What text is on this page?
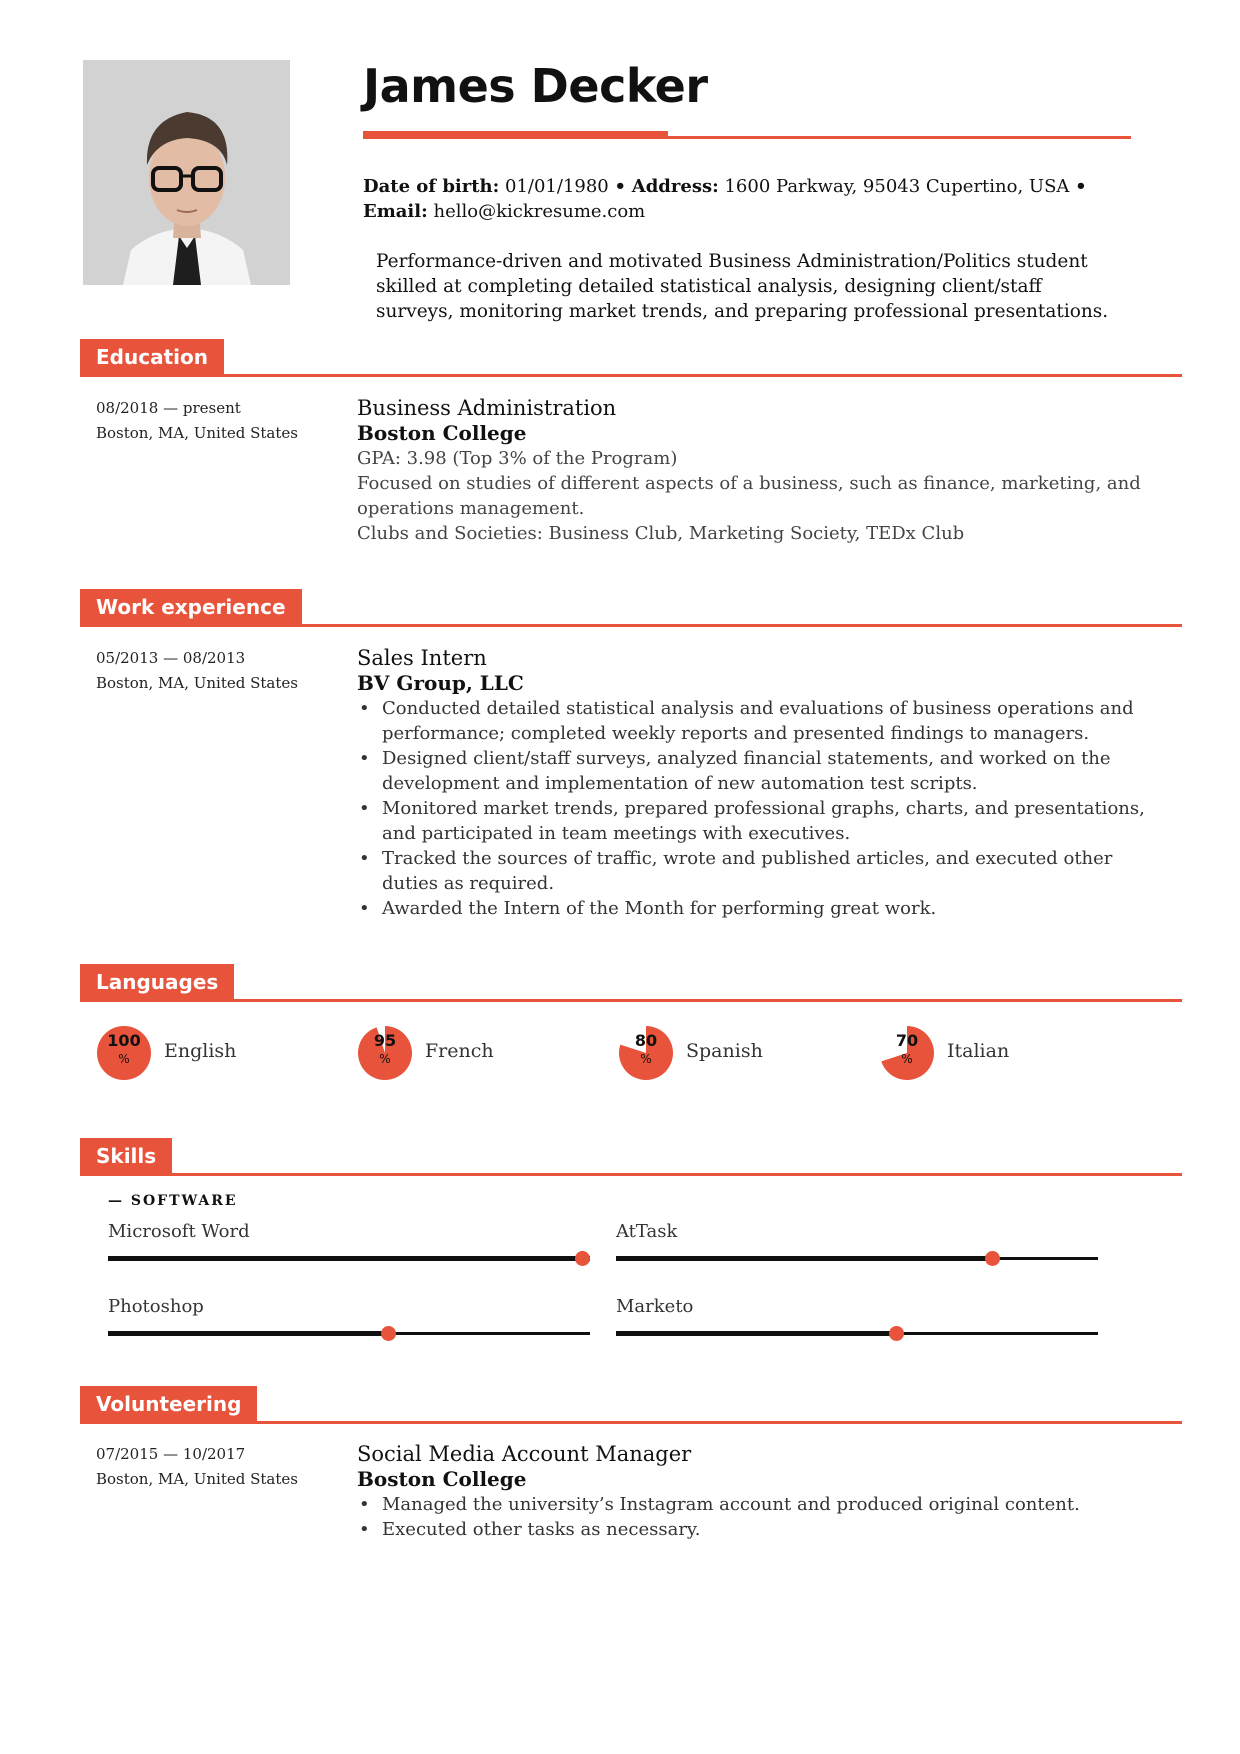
James Decker
Date of birth: 01/01/1980 • Address: 1600 Parkway, 95043 Cupertino, USA •
Email: hello@kickresume.com
Performance-driven and motivated Business Administration/Politics student skilled at completing detailed statistical analysis, designing client/staff surveys, monitoring market trends, and preparing professional presentations.
Education
08/2018 — present
Boston, MA, United States
Business Administration
Boston College
GPA: 3.98 (Top 3% of the Program)
Focused on studies of different aspects of a business, such as finance, marketing, and operations management.
Clubs and Societies: Business Club, Marketing Society, TEDx Club
Work experience
05/2013 — 08/2013
Boston, MA, United States
Sales Intern
BV Group, LLC
• Conducted detailed statistical analysis and evaluations of business operations and performance; completed weekly reports and presented findings to managers.
• Designed client/staff surveys, analyzed financial statements, and worked on the development and implementation of new automation test scripts.
• Monitored market trends, prepared professional graphs, charts, and presentations, and participated in team meetings with executives.
• Tracked the sources of traffic, wrote and published articles, and executed other duties as required.
• Awarded the Intern of the Month for performing great work.
Languages
100
%	English	95
%	French	80
%	Spanish	70
%	Italian
Skills
— SOFTWARE
Microsoft Word	AtTask
Photoshop	Marketo
Volunteering
07/2015 — 10/2017
Boston, MA, United States
Social Media Account Manager
Boston College
• Managed the university’s Instagram account and produced original content.
• Executed other tasks as necessary.
